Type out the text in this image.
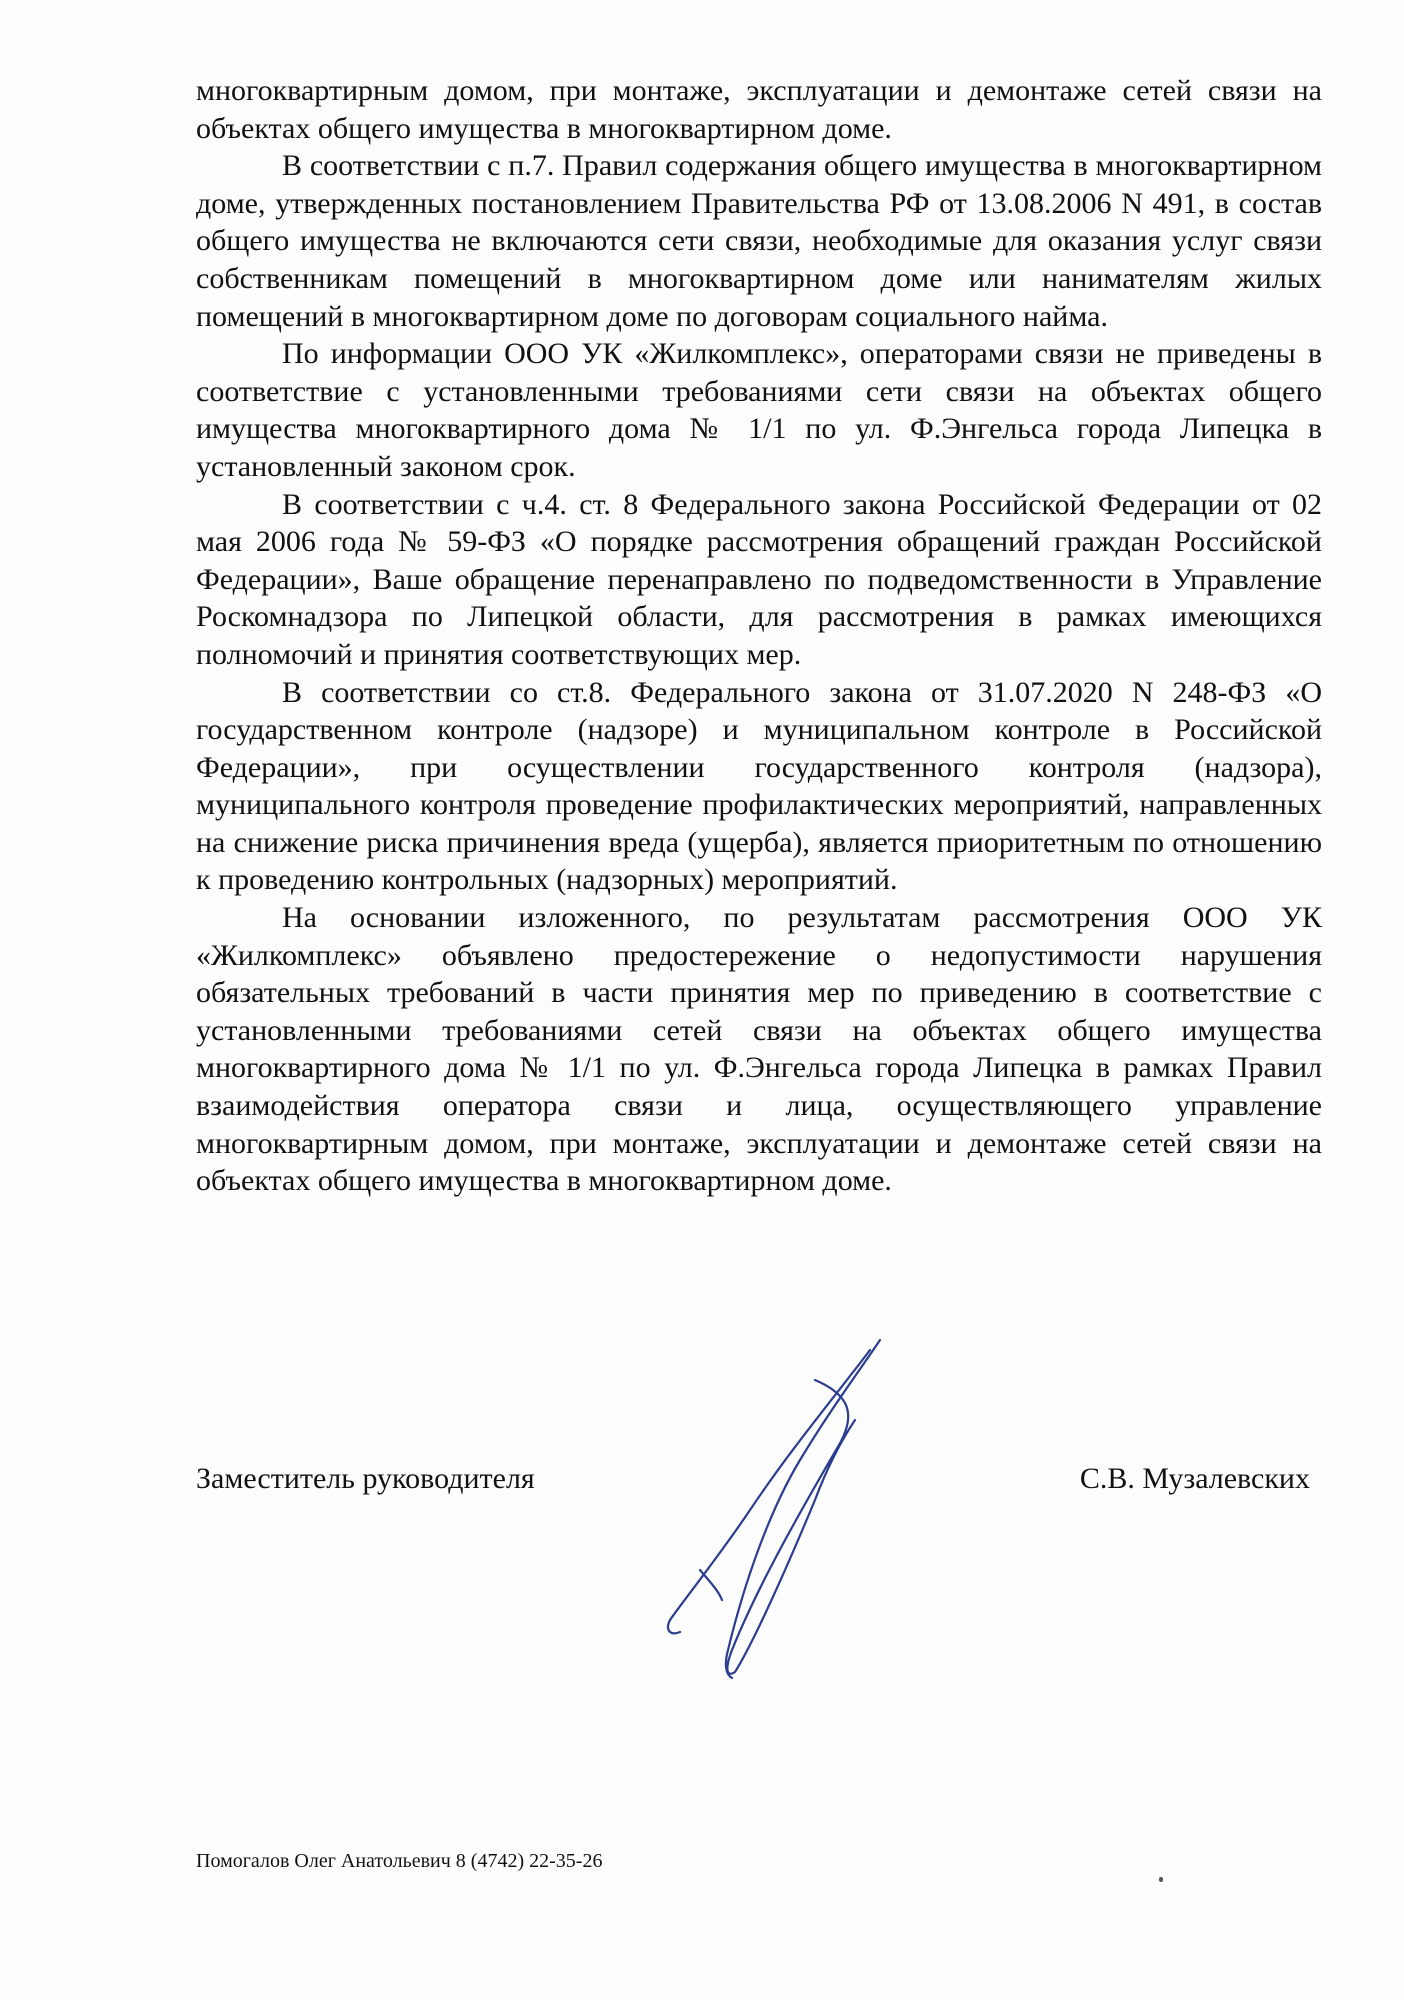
многоквартирным домом, при монтаже, эксплуатации и демонтаже сетей связи на объектах общего имущества в многоквартирном доме.

В соответствии с п.7. Правил содержания общего имущества в многоквартирном доме, утвержденных постановлением Правительства РФ от 13.08.2006 N 491, в состав общего имущества не включаются сети связи, необходимые для оказания услуг связи собственникам помещений в многоквартирном доме или нанимателям жилых помещений в многоквартирном доме по договорам социального найма.

По информации ООО УК «Жилкомплекс», операторами связи не приведены в соответствие с установленными требованиями сети связи на объектах общего имущества многоквартирного дома № 1/1 по ул. Ф.Энгельса города Липецка в установленный законом срок.

В соответствии с ч.4. ст. 8 Федерального закона Российской Федерации от 02 мая 2006 года № 59-ФЗ «О порядке рассмотрения обращений граждан Российской Федерации», Ваше обращение перенаправлено по подведомственности в Управление Роскомнадзора по Липецкой области, для рассмотрения в рамках имеющихся полномочий и принятия соответствующих мер.

В соответствии со ст.8. Федерального закона от 31.07.2020 N 248-ФЗ «О государственном контроле (надзоре) и муниципальном контроле в Российской Федерации», при осуществлении государственного контроля (надзора), муниципального контроля проведение профилактических мероприятий, направленных на снижение риска причинения вреда (ущерба), является приоритетным по отношению к проведению контрольных (надзорных) мероприятий.

На основании изложенного, по результатам рассмотрения ООО УК «Жилкомплекс» объявлено предостережение о недопустимости нарушения обязательных требований в части принятия мер по приведению в соответствие с установленными требованиями сетей связи на объектах общего имущества многоквартирного дома № 1/1 по ул. Ф.Энгельса города Липецка в рамках Правил взаимодействия оператора связи и лица, осуществляющего управление многоквартирным домом, при монтаже, эксплуатации и демонтаже сетей связи на объектах общего имущества в многоквартирном доме.

Заместитель руководителя	С.В. Музалевских
Помогалов Олег Анатольевич 8 (4742) 22-35-26
